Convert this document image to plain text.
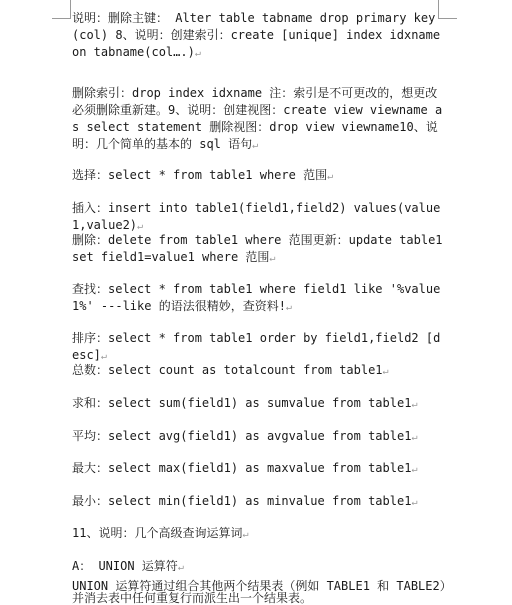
说明：删除主键： Alter table tabname drop primary key(col) 8、说明：创建索引：create [unique] index idxname on tabname(col….)↵
删除索引：drop index idxname 注：索引是不可更改的，想更改必须删除重新建。9、说明：创建视图：create view viewname as select statement 删除视图：drop view viewname10、说明：几个简单的基本的 sql 语句↵
选择：select * from table1 where 范围↵
插入：insert into table1(field1,field2) values(value1,value2)↵
删除：delete from table1 where 范围更新：update table1 set field1=value1 where 范围↵
查找：select * from table1 where field1 like '%value1%' ---like 的语法很精妙，查资料!↵
排序：select * from table1 order by field1,field2 [desc]↵
总数：select count as totalcount from table1↵
求和：select sum(field1) as sumvalue from table1↵
平均：select avg(field1) as avgvalue from table1↵
最大：select max(field1) as maxvalue from table1↵
最小：select min(field1) as minvalue from table1↵
11、说明：几个高级查询运算词↵
A： UNION 运算符↵
UNION 运算符通过组合其他两个结果表（例如 TABLE1 和 TABLE2）并消去表中任何重复行而派生出一个结果表。
